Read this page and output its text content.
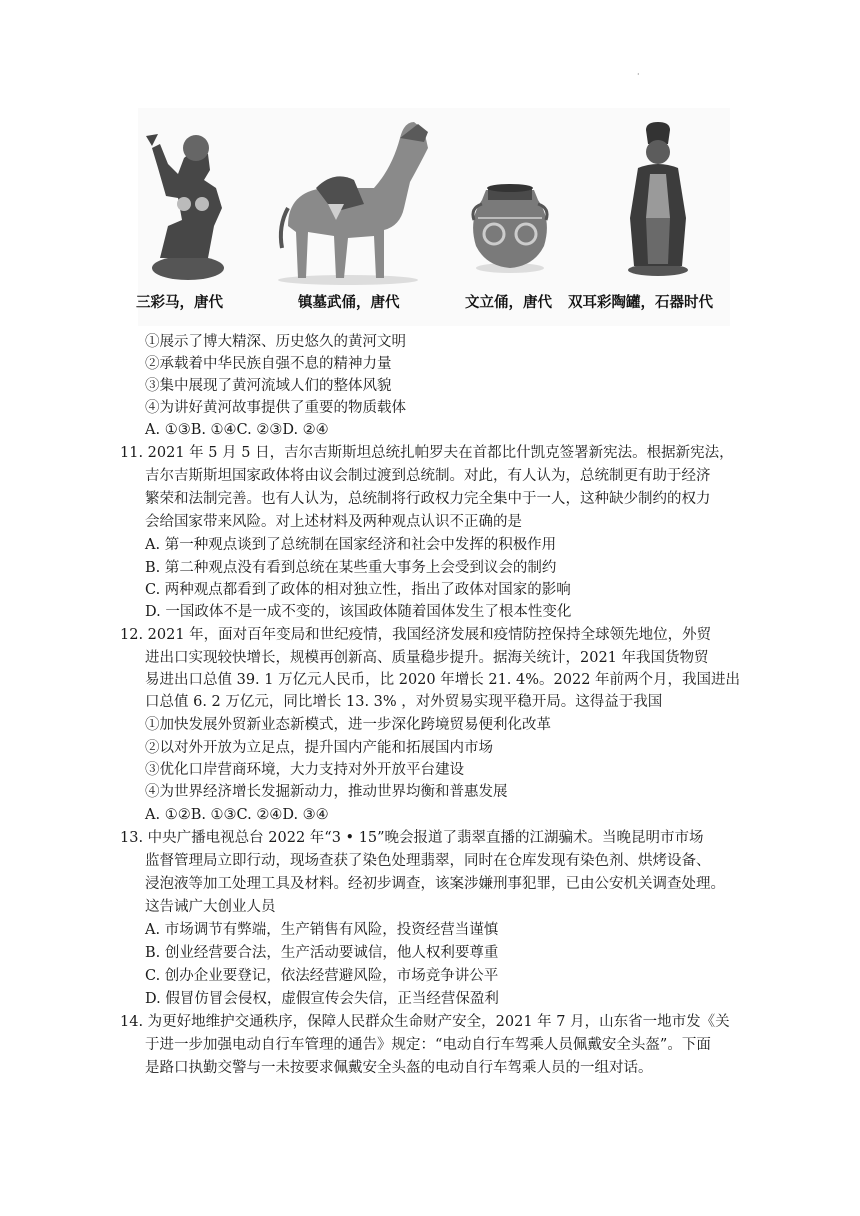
·
三彩马，唐代	镇墓武俑，唐代	文立俑，唐代 双耳彩陶罐，石器时代
①展示了博大精深、历史悠久的黄河文明
②承载着中华民族自强不息的精神力量
③集中展现了黄河流域人们的整体风貌
④为讲好黄河故事提供了重要的物质载体
A. ①③B. ①④C. ②③D. ②④
11. 2021 年 5 月 5 日，吉尔吉斯斯坦总统扎帕罗夫在首都比什凯克签署新宪法。根据新宪法，
吉尔吉斯斯坦国家政体将由议会制过渡到总统制。对此，有人认为，总统制更有助于经济
繁荣和法制完善。也有人认为，总统制将行政权力完全集中于一人，这种缺少制约的权力
会给国家带来风险。对上述材料及两种观点认识不正确的是
A. 第一种观点谈到了总统制在国家经济和社会中发挥的积极作用
B. 第二种观点没有看到总统在某些重大事务上会受到议会的制约
C. 两种观点都看到了政体的相对独立性，指出了政体对国家的影响
D. 一国政体不是一成不变的，该国政体随着国体发生了根本性变化
12. 2021 年，面对百年变局和世纪疫情，我国经济发展和疫情防控保持全球领先地位，外贸
进出口实现较快增长，规模再创新高、质量稳步提升。据海关统计，2021 年我国货物贸
易进出口总值 39. 1 万亿元人民币，比 2020 年增长 21. 4%。2022 年前两个月，我国进出
口总值 6. 2 万亿元，同比增长 13. 3% ，对外贸易实现平稳开局。这得益于我国
①加快发展外贸新业态新模式，进一步深化跨境贸易便利化改革
②以对外开放为立足点，提升国内产能和拓展国内市场
③优化口岸营商环境，大力支持对外开放平台建设
④为世界经济增长发掘新动力，推动世界均衡和普惠发展
A. ①②B. ①③C. ②④D. ③④
13. 中央广播电视总台 2022 年“3 • 15”晚会报道了翡翠直播的江湖骗术。当晚昆明市市场
监督管理局立即行动，现场查获了染色处理翡翠，同时在仓库发现有染色剂、烘烤设备、
浸泡液等加工处理工具及材料。经初步调查，该案涉嫌刑事犯罪，已由公安机关调查处理。
这告诫广大创业人员
A. 市场调节有弊端，生产销售有风险，投资经营当谨慎
B. 创业经营要合法，生产活动要诚信，他人权利要尊重
C. 创办企业要登记，依法经营避风险，市场竞争讲公平
D. 假冒仿冒会侵权，虚假宣传会失信，正当经营保盈利
14. 为更好地维护交通秩序，保障人民群众生命财产安全，2021 年 7 月，山东省一地市发《关
于进一步加强电动自行车管理的通告》规定：“电动自行车驾乘人员佩戴安全头盔”。下面
是路口执勤交警与一未按要求佩戴安全头盔的电动自行车驾乘人员的一组对话。
